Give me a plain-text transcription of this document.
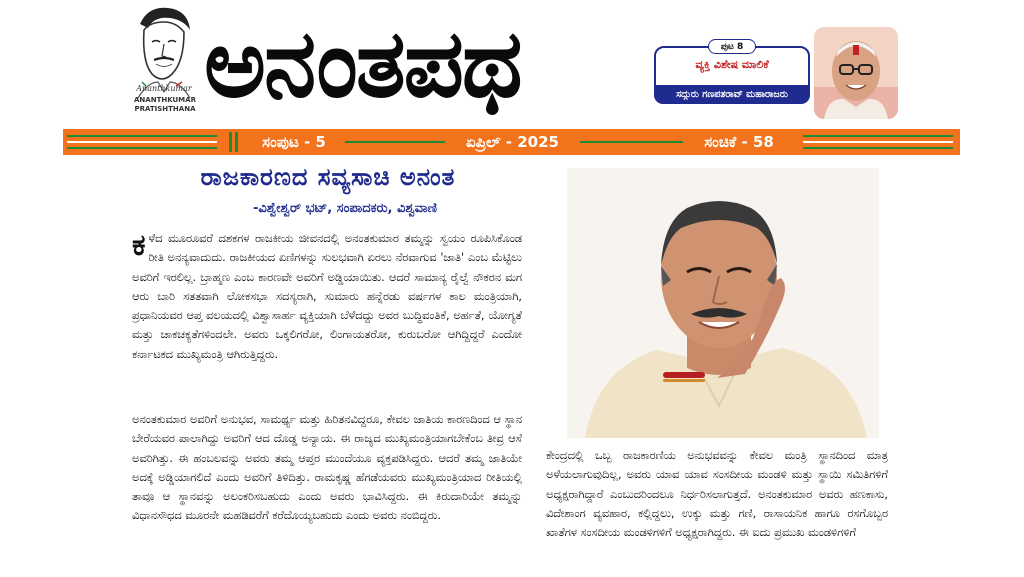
Ananthkumar
ANANTHKUMAR
PRATISHTHANA ಅನಂತಪಥ	ಪುಟ 8
ವ್ಯಕ್ತಿ ವಿಶೇಷ ಮಾಲಿಕೆ
ಸದ್ಗುರು ಗಣಪತರಾವ್ ಮಹಾರಾಜರು
ಸಂಪುಟ - 5	ಏಪ್ರಿಲ್ - 2025	ಸಂಚಿಕೆ - 58
ರಾಜಕಾರಣದ ಸವ್ಯಸಾಚಿ ಅನಂತ
-ವಿಶ್ವೇಶ್ವರ್ ಭಟ್, ಸಂಪಾದಕರು, ವಿಶ್ವವಾಣಿ
ಕಳೆದ ಮೂರೂವರೆ ದಶಕಗಳ ರಾಜಕೀಯ ಜೀವನದಲ್ಲಿ ಅನಂತಕುಮಾರ ತಮ್ಮನ್ನು ಸ್ವಯಂ ರೂಪಿಸಿಕೊಂಡ ರೀತಿ ಅನನ್ಯವಾದುದು. ರಾಜಕೀಯದ ಏಣಿಗಳನ್ನು ಸುಲಭವಾಗಿ ಏರಲು ನೆರವಾಗುವ 'ಜಾತಿ' ಎಂಬ ಮೆಟ್ಟಿಲು ಅವರಿಗೆ ಇರಲಿಲ್ಲ. ಬ್ರಾಹ್ಮಣ ಎಂಬ ಕಾರಣವೇ ಅವರಿಗೆ ಅಡ್ಡಿಯಾಯಿತು. ಆದರೆ ಸಾಮಾನ್ಯ ರೈಲ್ವೆ ನೌಕರನ ಮಗ ಆರು ಬಾರಿ ಸತತವಾಗಿ ಲೋಕಸಭಾ ಸದಸ್ಯರಾಗಿ, ಸುಮಾರು ಹನ್ನೆರಡು ವರ್ಷಗಳ ಕಾಲ ಮಂತ್ರಿಯಾಗಿ, ಪ್ರಧಾನಿಯವರ ಆಪ್ತ ವಲಯದಲ್ಲಿ ವಿಶ್ವಾಸಾರ್ಹ ವ್ಯಕ್ತಿಯಾಗಿ ಬೆಳೆದದ್ದು ಅವರ ಬುದ್ಧಿವಂತಿಕೆ, ಅರ್ಹತೆ, ಯೋಗ್ಯತೆ ಮತ್ತು ಚಾಕಚಕ್ಯತೆಗಳಿಂದಲೇ. ಅವರು ಒಕ್ಕಲಿಗರೋ, ಲಿಂಗಾಯತರೋ, ಕುರುಬರೋ ಆಗಿದ್ದಿದ್ದರೆ ಎಂದೋ ಕರ್ನಾಟಕದ ಮುಖ್ಯಮಂತ್ರಿ ಆಗಿರುತ್ತಿದ್ದರು.
ಅನಂತಕುಮಾರ ಅವರಿಗೆ ಅನುಭವ, ಸಾಮರ್ಥ್ಯ ಮತ್ತು ಹಿರಿತನವಿದ್ದರೂ, ಕೇವಲ ಜಾತಿಯ ಕಾರಣದಿಂದ ಆ ಸ್ಥಾನ ಬೇರೆಯವರ ಪಾಲಾಗಿದ್ದು ಅವರಿಗೆ ಆದ ದೊಡ್ಡ ಅನ್ಯಾಯ. ಈ ರಾಜ್ಯದ ಮುಖ್ಯಮಂತ್ರಿಯಾಗಬೇಕೆಂಬ ತೀವ್ರ ಆಸೆ ಅವರಿಗಿತ್ತು. ಈ ಹಂಬಲವನ್ನು ಅವರು ತಮ್ಮ ಆಪ್ತರ ಮುಂದೆಯೂ ವ್ಯಕ್ತಪಡಿಸಿದ್ದರು. ಆದರೆ ತಮ್ಮ ಜಾತಿಯೇ ಅದಕ್ಕೆ ಅಡ್ಡಿಯಾಗಲಿದೆ ಎಂದು ಅವರಿಗೆ ತಿಳಿದಿತ್ತು. ರಾಮಕೃಷ್ಣ ಹೆಗಡೆಯವರು ಮುಖ್ಯಮಂತ್ರಿಯಾದ ರೀತಿಯಲ್ಲಿ ತಾವೂ ಆ ಸ್ಥಾನವನ್ನು ಅಲಂಕರಿಸಬಹುದು ಎಂದು ಅವರು ಭಾವಿಸಿದ್ದರು. ಈ ಕಿರುದಾರಿಯೇ ತಮ್ಮನ್ನು ವಿಧಾನಸೌಧದ ಮೂರನೇ ಮಹಡಿವರೆಗೆ ಕರೆದೊಯ್ಯಬಹುದು ಎಂದು ಅವರು ನಂಬಿದ್ದರು.
ಕೇಂದ್ರದಲ್ಲಿ ಒಬ್ಬ ರಾಜಕಾರಣಿಯ ಅನುಭವವನ್ನು ಕೇವಲ ಮಂತ್ರಿ ಸ್ಥಾನದಿಂದ ಮಾತ್ರ ಅಳೆಯಲಾಗುವುದಿಲ್ಲ, ಅವರು ಯಾವ ಯಾವ ಸಂಸದೀಯ ಮಂಡಳಿ ಮತ್ತು ಸ್ಥಾಯಿ ಸಮಿತಿಗಳಿಗೆ ಅಧ್ಯಕ್ಷರಾಗಿದ್ದಾರೆ ಎಂಬುದರಿಂದಲೂ ನಿರ್ಧರಿಸಲಾಗುತ್ತದೆ. ಅನಂತಕುಮಾರ ಅವರು ಹಣಕಾಸು, ವಿದೇಶಾಂಗ ವ್ಯವಹಾರ, ಕಲ್ಲಿದ್ದಲು, ಉಕ್ಕು ಮತ್ತು ಗಣಿ, ರಾಸಾಯನಿಕ ಹಾಗೂ ರಸಗೊಬ್ಬರ ಖಾತೆಗಳ ಸಂಸದೀಯ ಮಂಡಳಿಗಳಿಗೆ ಅಧ್ಯಕ್ಷರಾಗಿದ್ದರು. ಈ ಐದು ಪ್ರಮುಖ ಮಂಡಳಿಗಳಿಗೆ
